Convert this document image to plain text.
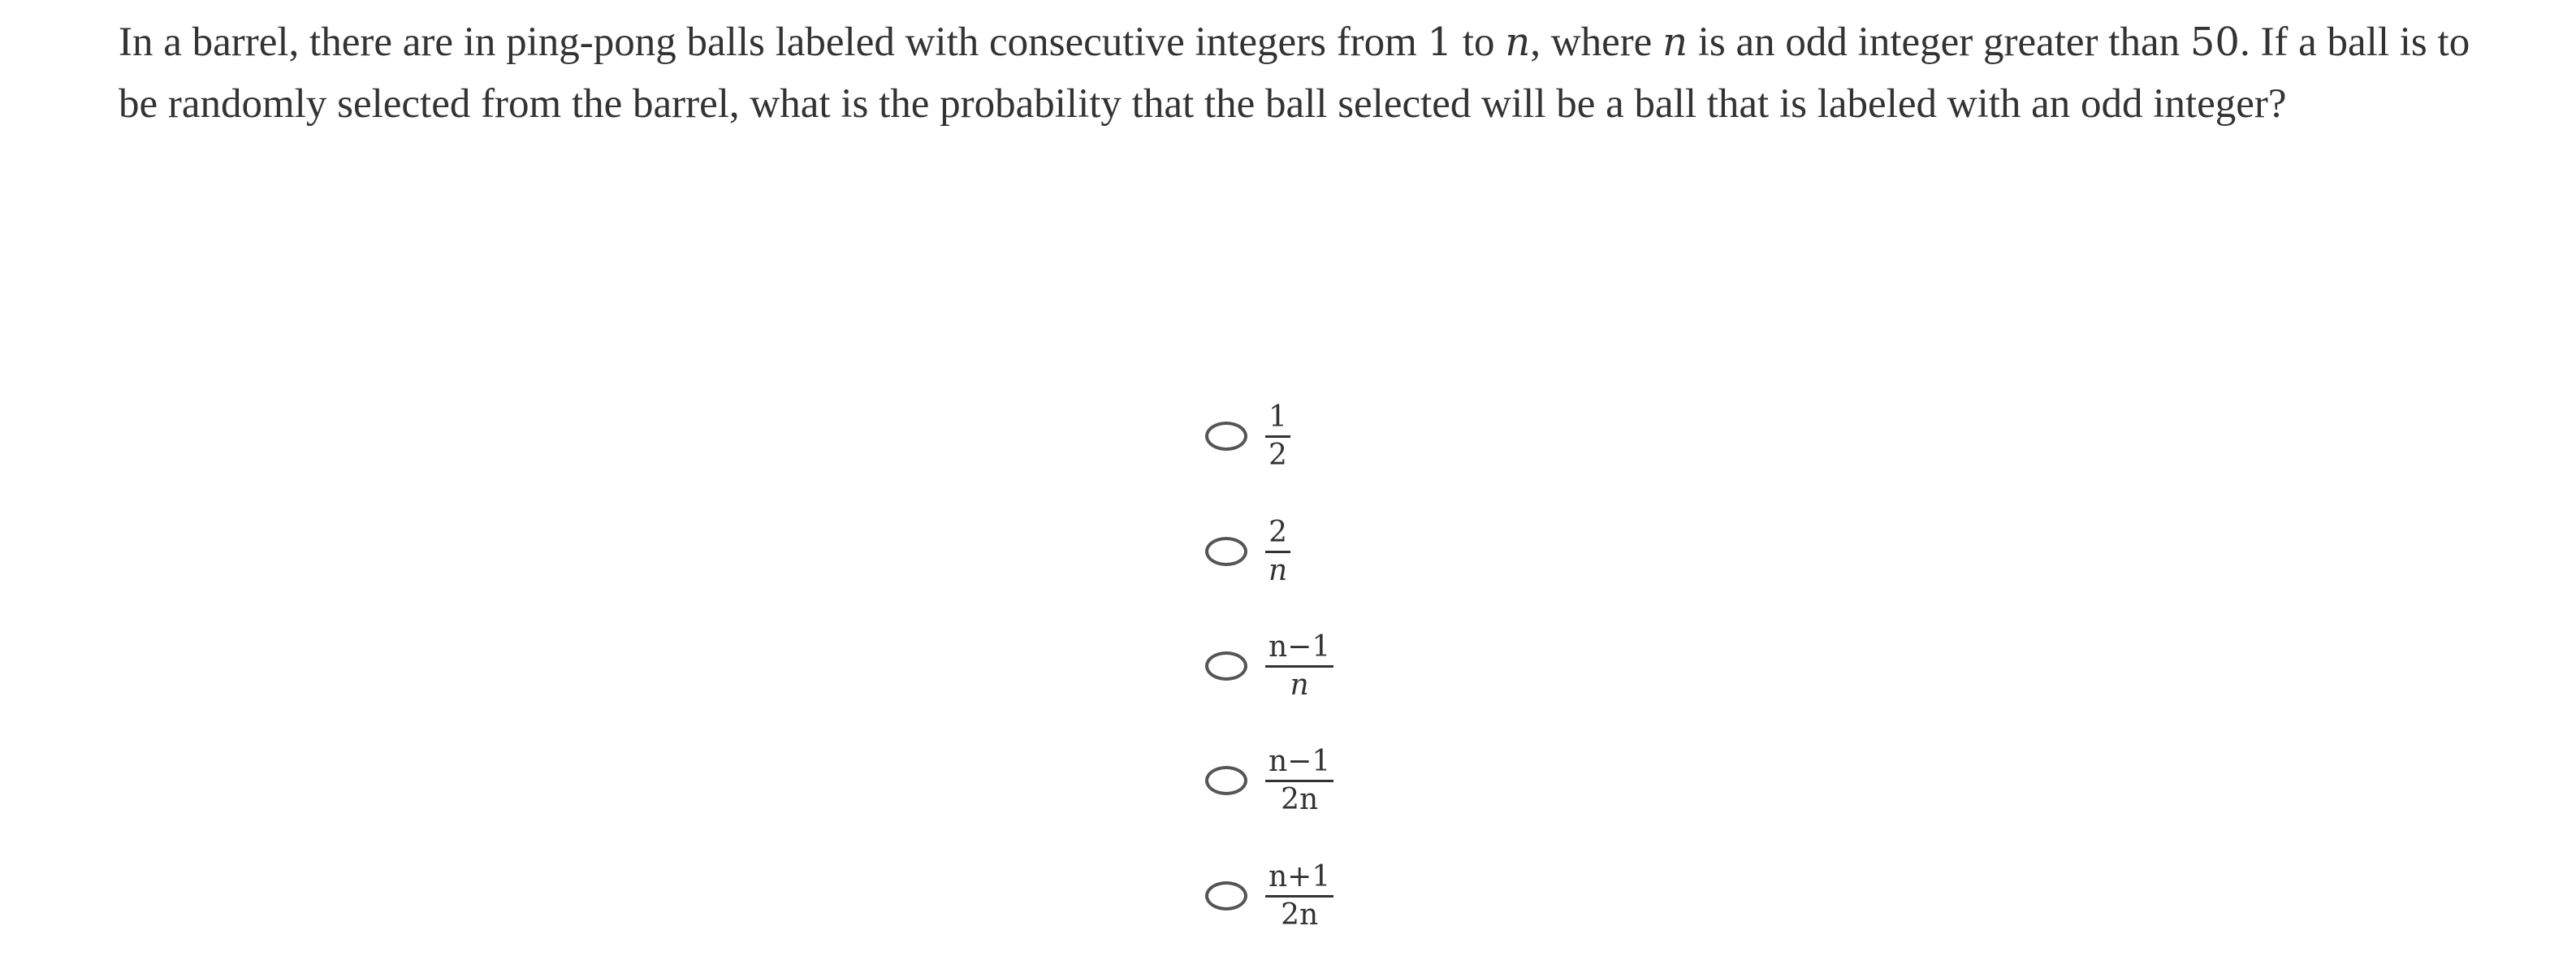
In a barrel, there are in ping-pong balls labeled with consecutive integers from 1 to n, where n is an odd integer greater than 50. If a ball is to be randomly selected from the barrel, what is the probability that the ball selected will be a ball that is labeled with an odd integer?

$\frac{1}{2}$
$\frac{2}{n}$
$\frac{n-1}{n}$
$\frac{n-1}{2n}$
$\frac{n+1}{2n}$
